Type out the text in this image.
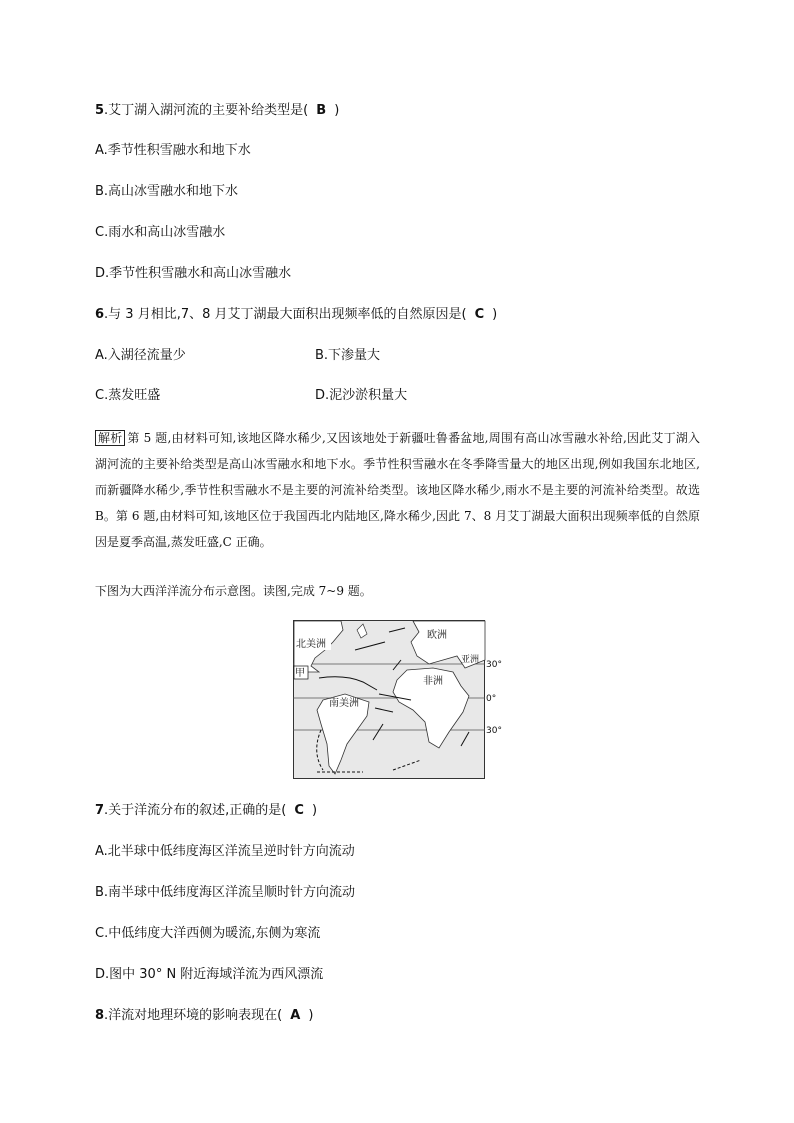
5.艾丁湖入湖河流的主要补给类型是( B )
A.季节性积雪融水和地下水
B.高山冰雪融水和地下水
C.雨水和高山冰雪融水
D.季节性积雪融水和高山冰雪融水
6.与 3 月相比,7、8 月艾丁湖最大面积出现频率低的自然原因是( C )
A.入湖径流量少	B.下渗量大
C.蒸发旺盛	D.泥沙淤积量大
解析 第 5 题,由材料可知,该地区降水稀少,又因该地处于新疆吐鲁番盆地,周围有高山冰雪融水补给,因此艾丁湖入湖河流的主要补给类型是高山冰雪融水和地下水。季节性积雪融水在冬季降雪量大的地区出现,例如我国东北地区,而新疆降水稀少,季节性积雪融水不是主要的河流补给类型。该地区降水稀少,雨水不是主要的河流补给类型。故选 B。第 6 题,由材料可知,该地区位于我国西北内陆地区,降水稀少,因此 7、8 月艾丁湖最大面积出现频率低的自然原因是夏季高温,蒸发旺盛,C 正确。
下图为大西洋洋流分布示意图。读图,完成 7~9 题。
北美洲
欧洲
亚洲
非洲
南美洲
甲
30°
0°
30°
7.关于洋流分布的叙述,正确的是( C )
A.北半球中低纬度海区洋流呈逆时针方向流动
B.南半球中低纬度海区洋流呈顺时针方向流动
C.中低纬度大洋西侧为暖流,东侧为寒流
D.图中 30° N 附近海域洋流为西风漂流
8.洋流对地理环境的影响表现在( A )
